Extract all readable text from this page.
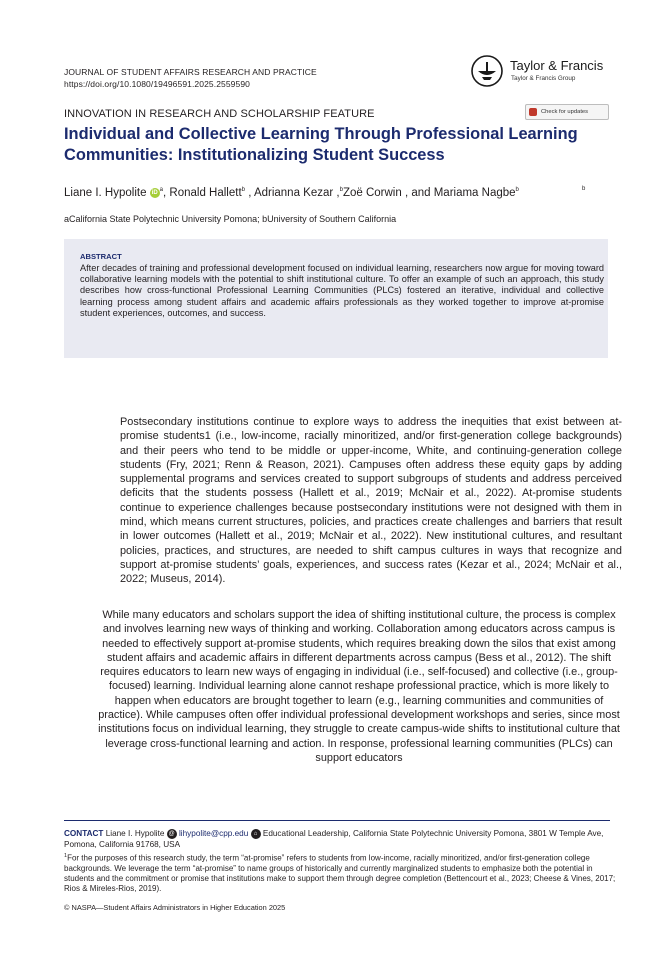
JOURNAL OF STUDENT AFFAIRS RESEARCH AND PRACTICE
https://doi.org/10.1080/19496591.2025.2559590
Taylor & Francis
Taylor & Francis Group
INNOVATION IN RESEARCH AND SCHOLARSHIP FEATURE	Check for updates
Individual and Collective Learning Through Professional Learning Communities: Institutionalizing Student Success
Liane I. Hypolite iD $^a$, Ronald Hallett$^b$ , Adrianna Kezar ,$^b$Zoë Corwin , and Mariama Nagbe$^b$	b
aCalifornia State Polytechnic University Pomona; bUniversity of Southern California
ABSTRACT
After decades of training and professional development focused on individual learning, researchers now argue for moving toward collaborative learning models with the potential to shift institutional culture. To offer an example of such an approach, this study describes how cross-functional Professional Learning Communities (PLCs) fostered an iterative, individual and collective learning process among student affairs and academic affairs professionals as they worked together to improve at-promise student experiences, outcomes, and success.
Postsecondary institutions continue to explore ways to address the inequities that exist between at-promise students1 (i.e., low-income, racially minoritized, and/or first-generation college backgrounds) and their peers who tend to be middle or upper-income, White, and continuing-generation college students (Fry, 2021; Renn & Reason, 2021). Campuses often address these equity gaps by adding supplemental programs and services created to support subgroups of students and address perceived deficits that the students possess (Hallett et al., 2019; McNair et al., 2022). At-promise students continue to experience challenges because postsecondary institutions were not designed with them in mind, which means current structures, policies, and practices create challenges and barriers that result in lower outcomes (Hallett et al., 2019; McNair et al., 2022). New institutional cultures, and resultant policies, practices, and structures, are needed to shift campus cultures in ways that recognize and support at-promise students’ goals, experiences, and success rates (Kezar et al., 2024; McNair et al., 2022; Museus, 2014).
While many educators and scholars support the idea of shifting institutional culture, the process is complex and involves learning new ways of thinking and working. Collaboration among educators across campus is needed to effectively support at-promise students, which requires breaking down the silos that exist among student affairs and academic affairs in different departments across campus (Bess et al., 2012). The shift requires educators to learn new ways of engaging in individual (i.e., self-focused) and collective (i.e., group-focused) learning. Individual learning alone cannot reshape professional practice, which is more likely to happen when educators are brought together to learn (e.g., learning communities and communities of practice). While campuses often offer individual professional development workshops and series, since most institutions focus on individual learning, they struggle to create campus-wide shifts to institutional culture that leverage cross-functional learning and action. In response, professional learning communities (PLCs) can support educators
CONTACT Liane I. Hypolite @ lihypolite@cpp.edu ⌂ Educational Leadership, California State Polytechnic University Pomona, 3801 W Temple Ave, Pomona, California 91768, USA
$^1$For the purposes of this research study, the term “at-promise” refers to students from low-income, racially minoritized, and/or first-generation college backgrounds. We leverage the term “at-promise” to name groups of historically and currently marginalized students to emphasize both the potential in students and the commitment or promise that institutions make to support them through degree completion (Bettencourt et al., 2023; Cheese & Vines, 2017; Rios & Mireles-Rios, 2019).
© NASPA—Student Affairs Administrators in Higher Education 2025
